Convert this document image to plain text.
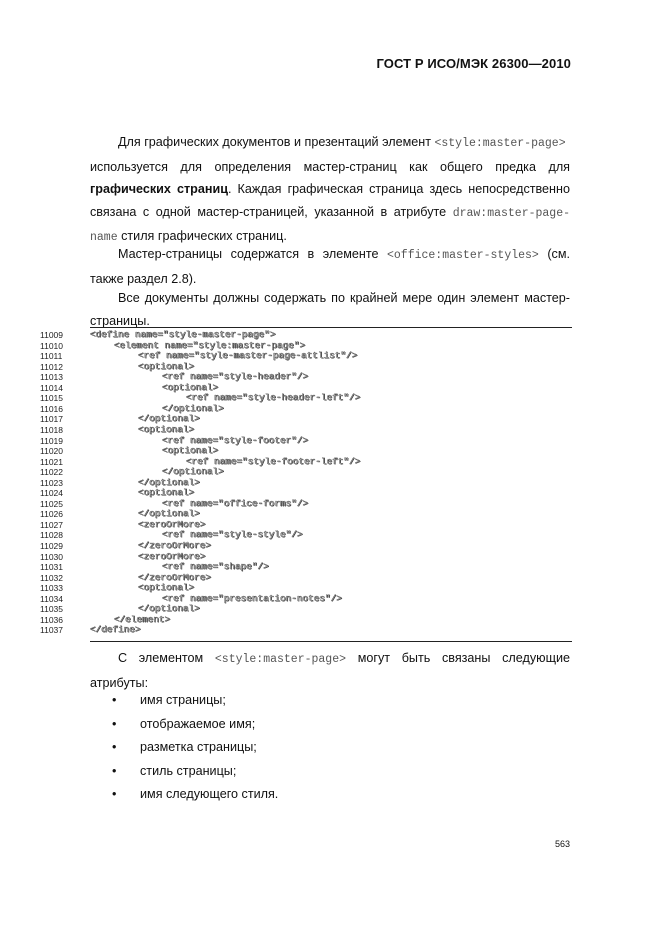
ГОСТ Р ИСО/МЭК 26300—2010
Для графических документов и презентаций элемент <style:master-page>
используется для определения мастер-страниц как общего предка для
графических страниц. Каждая графическая страница здесь непосредственно
связана с одной мастер-страницей, указанной в атрибуте draw:master-page-
name стиля графических страниц.
Мастер-страницы содержатся в элементе <office:master-styles> (см.
также раздел 2.8).
Все документы должны содержать по крайней мере один элемент мастер-
страницы.
11009	<define name="style-master-page">
11010	<element name="style:master-page">
11011	<ref name="style-master-page-attlist"/>
11012	<optional>
11013	<ref name="style-header"/>
11014	<optional>
11015	<ref name="style-header-left"/>
11016	</optional>
11017	</optional>
11018	<optional>
11019	<ref name="style-footer"/>
11020	<optional>
11021	<ref name="style-footer-left"/>
11022	</optional>
11023	</optional>
11024	<optional>
11025	<ref name="office-forms"/>
11026	</optional>
11027	<zeroOrMore>
11028	<ref name="style-style"/>
11029	</zeroOrMore>
11030	<zeroOrMore>
11031	<ref name="shape"/>
11032	</zeroOrMore>
11033	<optional>
11034	<ref name="presentation-notes"/>
11035	</optional>
11036	</element>
11037	</define>
С элементом <style:master-page> могут быть связаны следующие
атрибуты:
• имя страницы;
• отображаемое имя;
• разметка страницы;
• стиль страницы;
• имя следующего стиля.
563
